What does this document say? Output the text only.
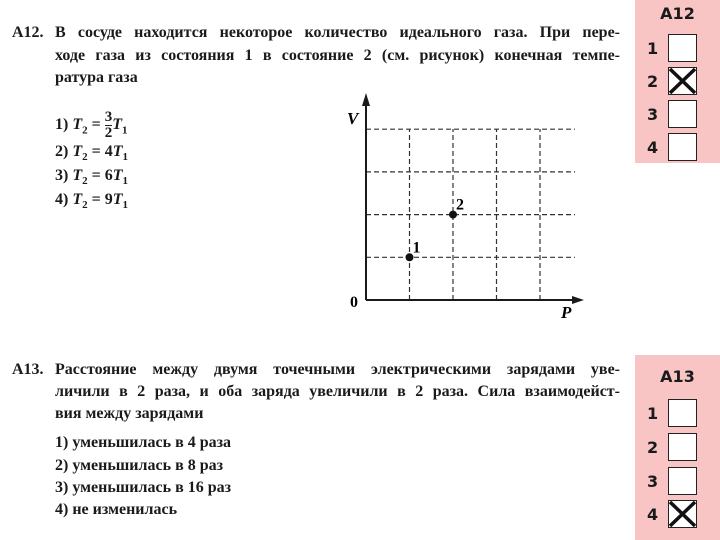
А12. В сосуде находится некоторое количество идеального газа. При пере-
ходе газа из состояния 1 в состояние 2 (см. рисунок) конечная темпе-
ратура газа
1) $T_2 = \frac{3}{2} T_1$
2) $T_2 = 4T_1$
3) $T_2 = 6T_1$
4) $T_2 = 9T_1$
V
0
P
1
2
А13. Расстояние между двумя точечными электрическими зарядами уве-
личили в 2 раза, и оба заряда увеличили в 2 раза. Сила взаимодейст-
вия между зарядами
1) уменьшилась в 4 раза
2) уменьшилась в 8 раз
3) уменьшилась в 16 раз
4) не изменилась
А12
1
2
3
4
А13
1
2
3
4
